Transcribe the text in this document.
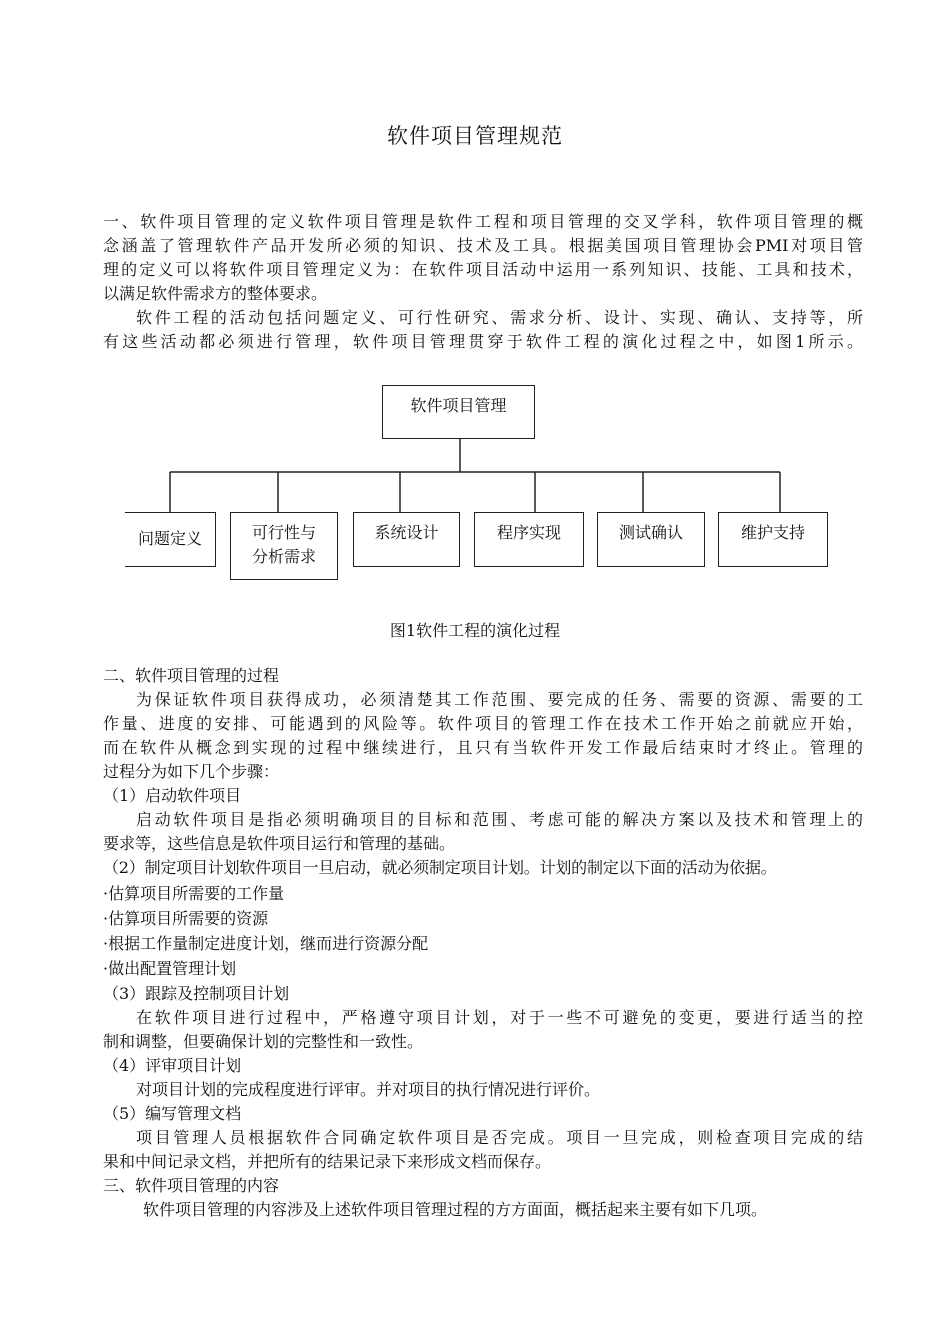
软件项目管理规范
一、软件项目管理的定义软件项目管理是软件工程和项目管理的交叉学科，软件项目管理的概
念涵盖了管理软件产品开发所必须的知识、技术及工具。根据美国项目管理协会PMI对项目管
理的定义可以将软件项目管理定义为：在软件项目活动中运用一系列知识、技能、工具和技术，
以满足软件需求方的整体要求。
软件工程的活动包括问题定义、可行性研究、需求分析、设计、实现、确认、支持等，所
有这些活动都必须进行管理，软件项目管理贯穿于软件工程的演化过程之中，如图1所示。
软件项目管理
问题定义	可行性与
分析需求
系统设计	程序实现	测试确认	维护支持
图1软件工程的演化过程
二、软件项目管理的过程
为保证软件项目获得成功，必须清楚其工作范围、要完成的任务、需要的资源、需要的工
作量、进度的安排、可能遇到的风险等。软件项目的管理工作在技术工作开始之前就应开始，
而在软件从概念到实现的过程中继续进行，且只有当软件开发工作最后结束时才终止。管理的
过程分为如下几个步骤：
（1）启动软件项目
启动软件项目是指必须明确项目的目标和范围、考虑可能的解决方案以及技术和管理上的
要求等，这些信息是软件项目运行和管理的基础。
（2）制定项目计划软件项目一旦启动，就必须制定项目计划。计划的制定以下面的活动为依据。
·估算项目所需要的工作量
·估算项目所需要的资源
·根据工作量制定进度计划，继而进行资源分配
·做出配置管理计划
（3）跟踪及控制项目计划
在软件项目进行过程中，严格遵守项目计划，对于一些不可避免的变更，要进行适当的控
制和调整，但要确保计划的完整性和一致性。
（4）评审项目计划
对项目计划的完成程度进行评审。并对项目的执行情况进行评价。
（5）编写管理文档
项目管理人员根据软件合同确定软件项目是否完成。项目一旦完成，则检查项目完成的结
果和中间记录文档，并把所有的结果记录下来形成文档而保存。
三、软件项目管理的内容
软件项目管理的内容涉及上述软件项目管理过程的方方面面，概括起来主要有如下几项。
